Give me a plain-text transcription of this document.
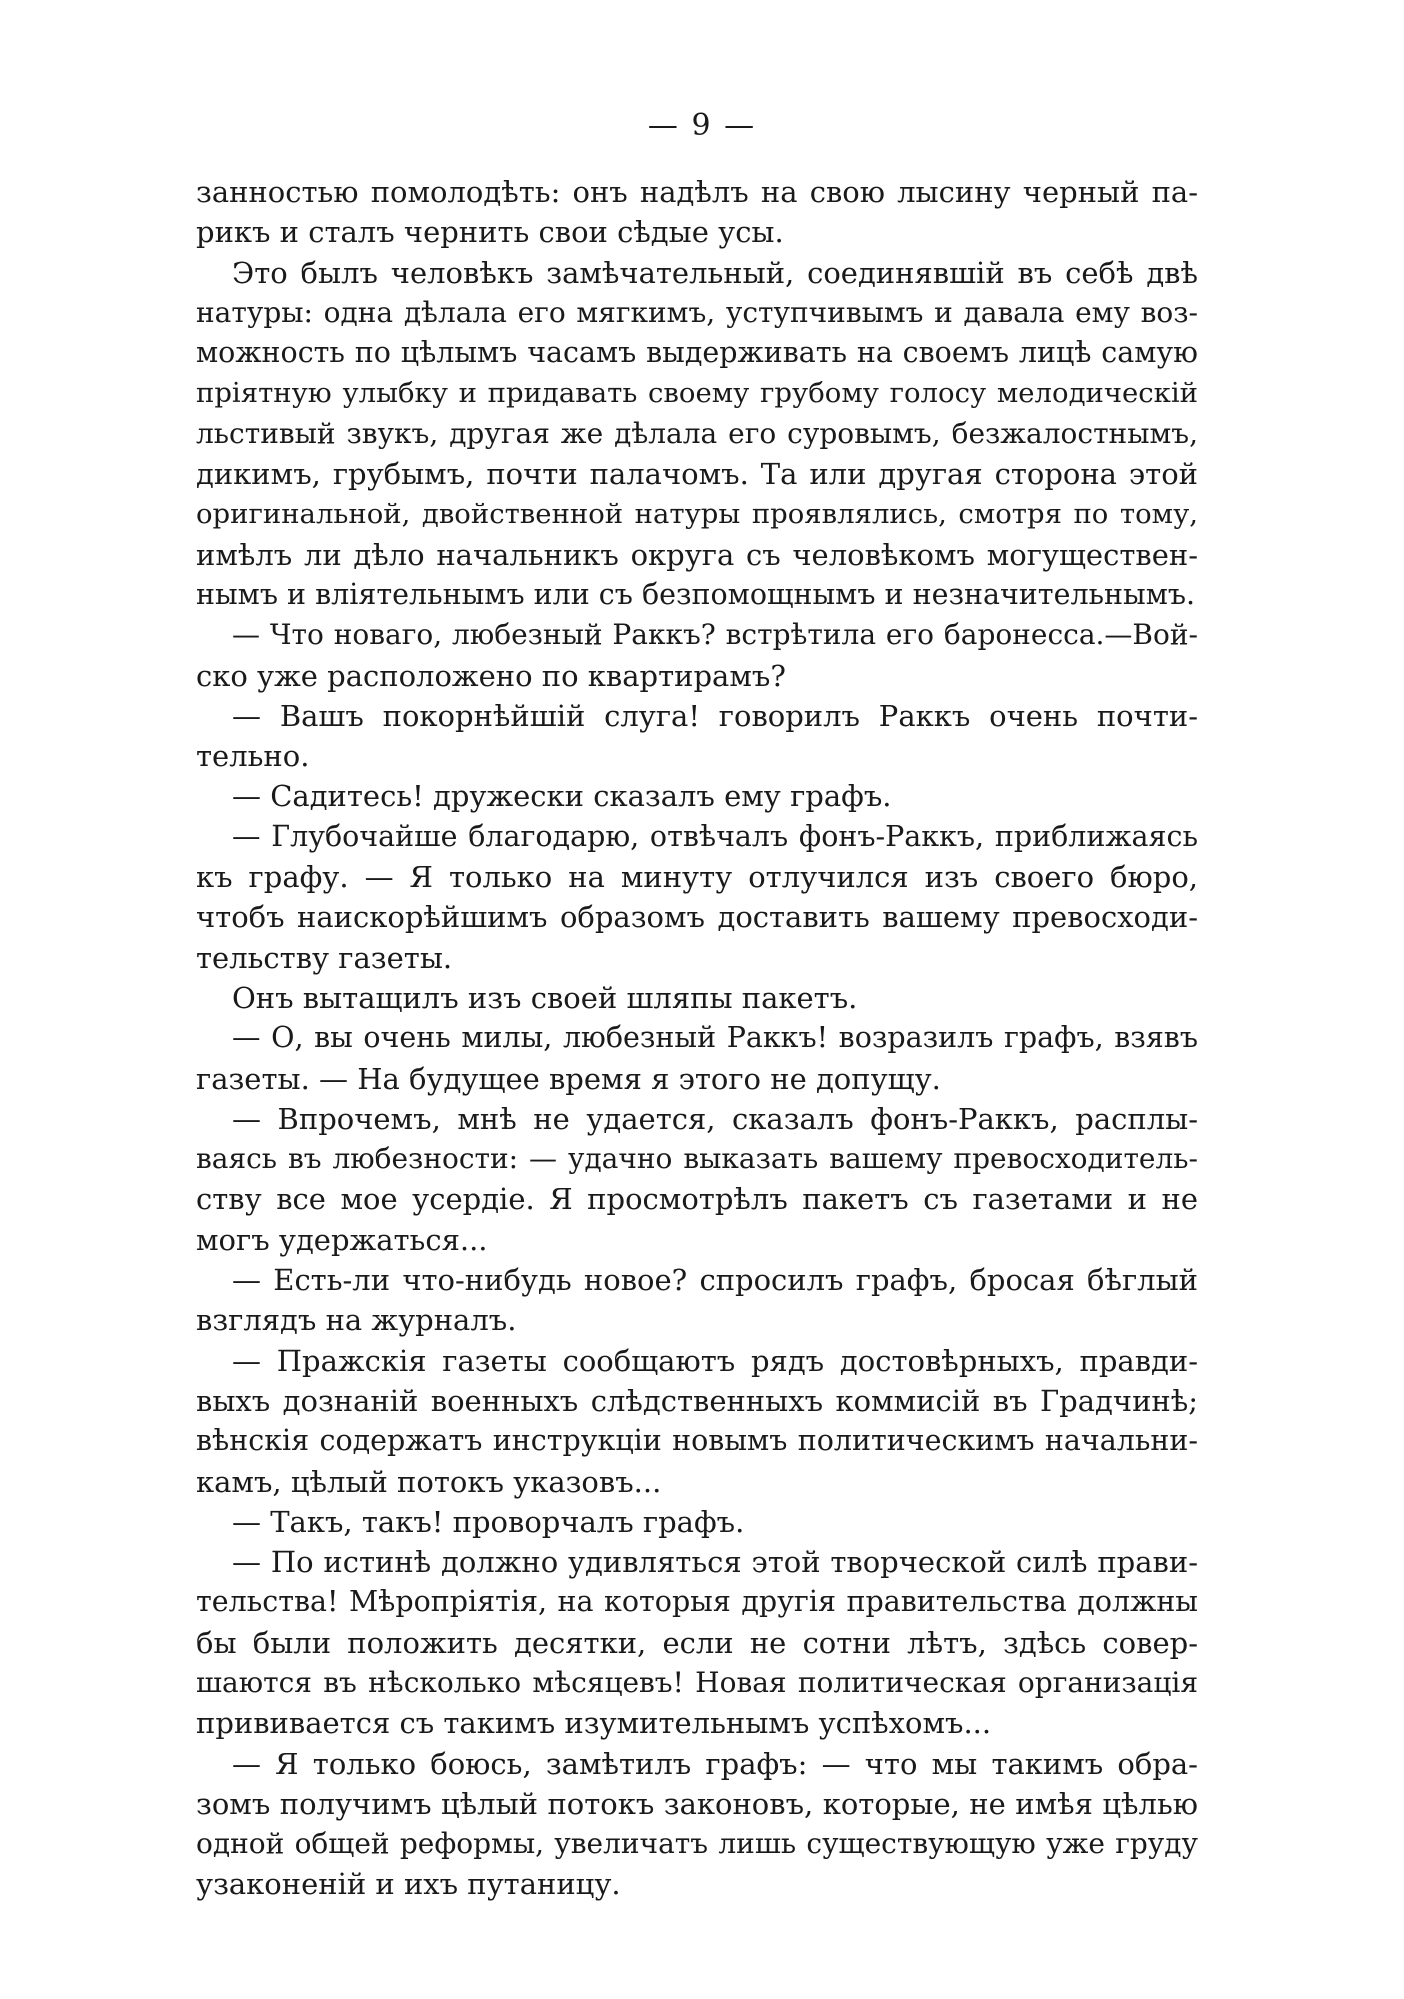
— 9 —
занностью помолодѣть: онъ надѣлъ на свою лысину черный па-
рикъ и сталъ чернить свои сѣдые усы.
Это былъ человѣкъ замѣчательный, соединявшій въ себѣ двѣ
натуры: одна дѣлала его мягкимъ, уступчивымъ и давала ему воз-
можность по цѣлымъ часамъ выдерживать на своемъ лицѣ самую
пріятную улыбку и придавать своему грубому голосу мелодическій
льстивый звукъ, другая же дѣлала его суровымъ, безжалостнымъ,
дикимъ, грубымъ, почти палачомъ. Та или другая сторона этой
оригинальной, двойственной натуры проявлялись, смотря по тому,
имѣлъ ли дѣло начальникъ округа съ человѣкомъ могуществен-
нымъ и вліятельнымъ или съ безпомощнымъ и незначительнымъ.
— Что новаго, любезный Раккъ? встрѣтила его баронесса.—Вой-
ско уже расположено по квартирамъ?
— Вашъ покорнѣйшій слуга! говорилъ Раккъ очень почти-
тельно.
— Садитесь! дружески сказалъ ему графъ.
— Глубочайше благодарю, отвѣчалъ фонъ-Раккъ, приближаясь
къ графу. — Я только на минуту отлучился изъ своего бюро,
чтобъ наискорѣйшимъ образомъ доставить вашему превосходи-
тельству газеты.
Онъ вытащилъ изъ своей шляпы пакетъ.
— О, вы очень милы, любезный Раккъ! возразилъ графъ, взявъ
газеты. — На будущее время я этого не допущу.
— Впрочемъ, мнѣ не удается, сказалъ фонъ-Раккъ, расплы-
ваясь въ любезности: — удачно выказать вашему превосходитель-
ству все мое усердіе. Я просмотрѣлъ пакетъ съ газетами и не
могъ удержаться...
— Есть-ли что-нибудь новое? спросилъ графъ, бросая бѣглый
взглядъ на журналъ.
— Пражскія газеты сообщаютъ рядъ достовѣрныхъ, правди-
выхъ дознаній военныхъ слѣдственныхъ коммисій въ Градчинѣ;
вѣнскія содержатъ инструкціи новымъ политическимъ начальни-
камъ, цѣлый потокъ указовъ...
— Такъ, такъ! проворчалъ графъ.
— По истинѣ должно удивляться этой творческой силѣ прави-
тельства! Мѣропріятія, на которыя другія правительства должны
бы были положить десятки, если не сотни лѣтъ, здѣсь совер-
шаются въ нѣсколько мѣсяцевъ! Новая политическая организація
прививается съ такимъ изумительнымъ успѣхомъ...
— Я только боюсь, замѣтилъ графъ: — что мы такимъ обра-
зомъ получимъ цѣлый потокъ законовъ, которые, не имѣя цѣлью
одной общей реформы, увеличатъ лишь существующую уже груду
узаконеній и ихъ путаницу.
